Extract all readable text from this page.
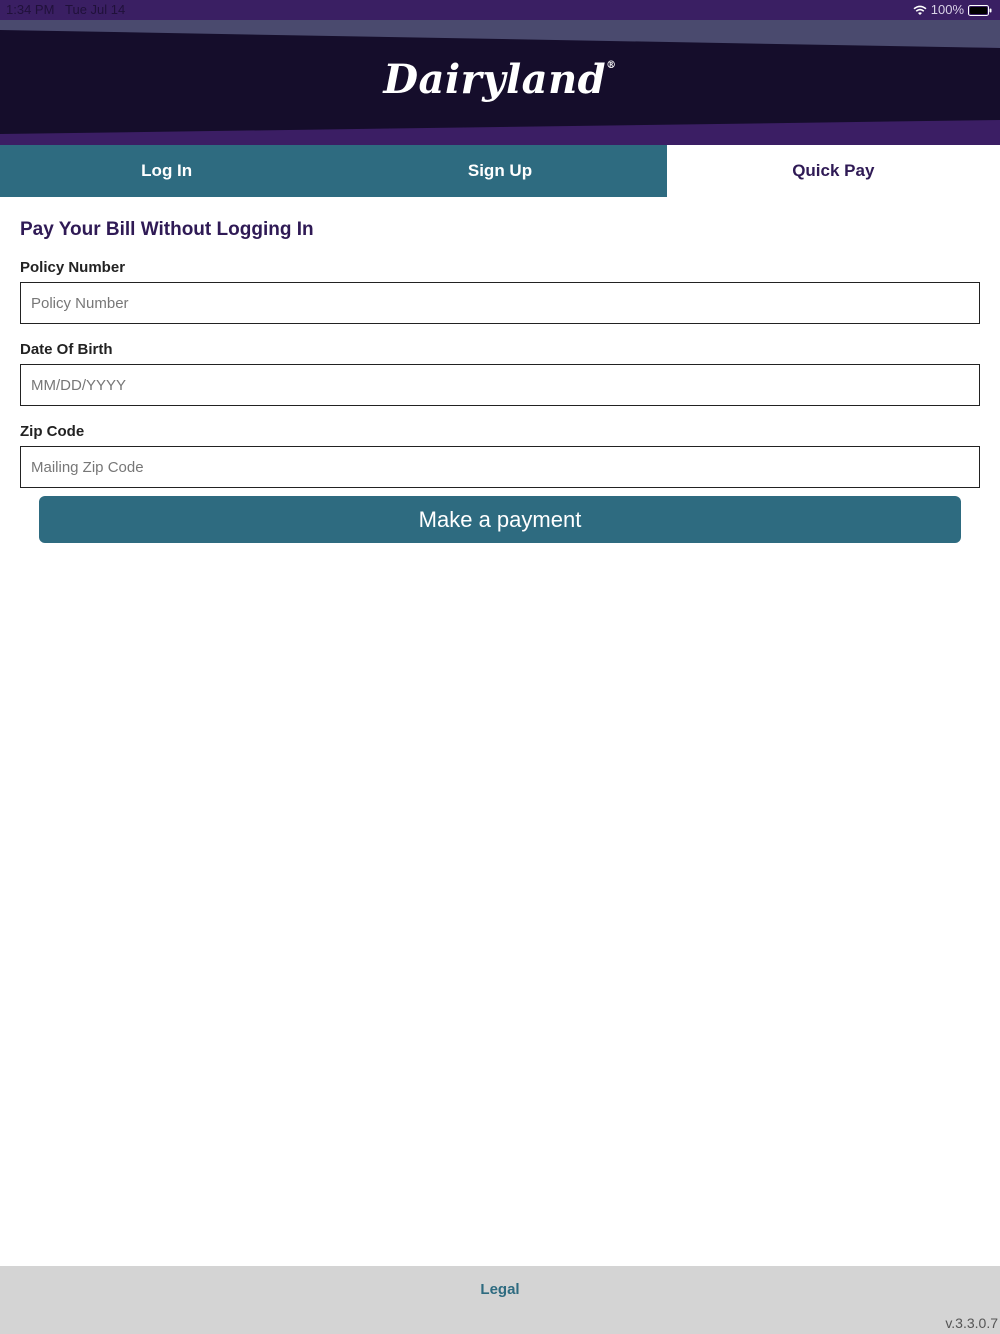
1:34 PM Tue Jul 14	100%
Dairyland®
Log In	Sign Up	Quick Pay
Pay Your Bill Without Logging In
Policy Number
Policy Number
Date Of Birth
MM/DD/YYYY
Zip Code
Mailing Zip Code
Make a payment
Legal
v.3.3.0.7
